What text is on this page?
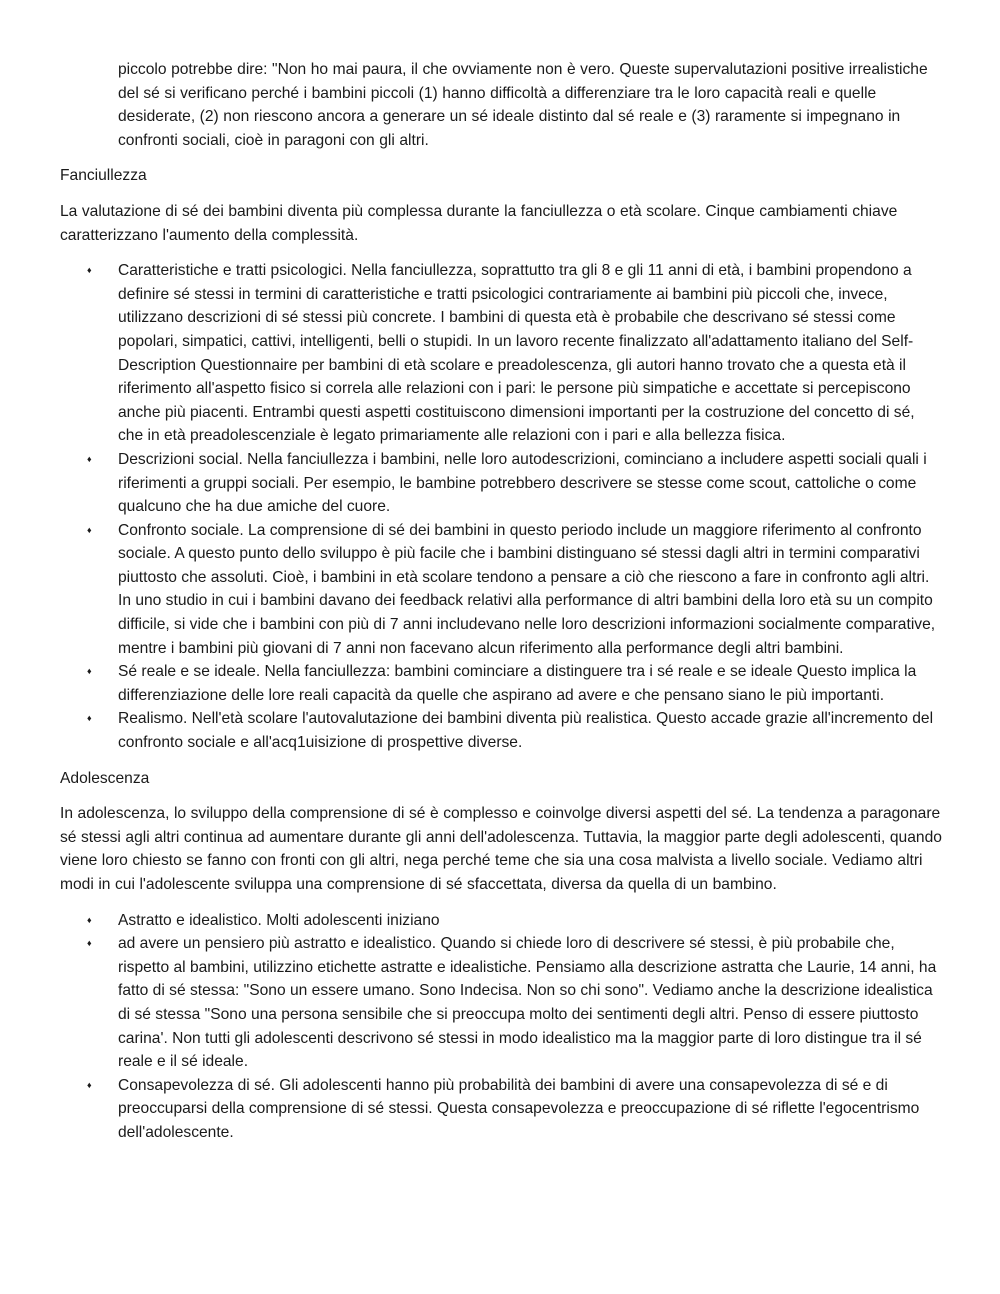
piccolo potrebbe dire: "Non ho mai paura, il che ovviamente non è vero. Queste supervalutazioni positive irrealistiche del sé si verificano perché i bambini piccoli (1) hanno difficoltà a differenziare tra le loro capacità reali e quelle desiderate, (2) non riescono ancora a generare un sé ideale distinto dal sé reale e (3) raramente si impegnano in confronti sociali, cioè in paragoni con gli altri.

Fanciullezza

La valutazione di sé dei bambini diventa più complessa durante la fanciullezza o età scolare. Cinque cambiamenti chiave caratterizzano l'aumento della complessità.

♦ Caratteristiche e tratti psicologici. Nella fanciullezza, soprattutto tra gli 8 e gli 11 anni di età, i bambini propendono a definire sé stessi in termini di caratteristiche e tratti psicologici contrariamente ai bambini più piccoli che, invece, utilizzano descrizioni di sé stessi più concrete. I bambini di questa età è probabile che descrivano sé stessi come popolari, simpatici, cattivi, intelligenti, belli o stupidi. In un lavoro recente finalizzato all'adattamento italiano del Self-Description Questionnaire per bambini di età scolare e preadolescenza, gli autori hanno trovato che a questa età il riferimento all'aspetto fisico si correla alle relazioni con i pari: le persone più simpatiche e accettate si percepiscono anche più piacenti. Entrambi questi aspetti costituiscono dimensioni importanti per la costruzione del concetto di sé, che in età preadolescenziale è legato primariamente alle relazioni con i pari e alla bellezza fisica.
♦ Descrizioni social. Nella fanciullezza i bambini, nelle loro autodescrizioni, cominciano a includere aspetti sociali quali i riferimenti a gruppi sociali. Per esempio, le bambine potrebbero descrivere se stesse come scout, cattoliche o come qualcuno che ha due amiche del cuore.
♦ Confronto sociale. La comprensione di sé dei bambini in questo periodo include un maggiore riferimento al confronto sociale. A questo punto dello sviluppo è più facile che i bambini distinguano sé stessi dagli altri in termini comparativi piuttosto che assoluti. Cioè, i bambini in età scolare tendono a pensare a ciò che riescono a fare in confronto agli altri. In uno studio in cui i bambini davano dei feedback relativi alla performance di altri bambini della loro età su un compito difficile, si vide che i bambini con più di 7 anni includevano nelle loro descrizioni informazioni socialmente comparative, mentre i bambini più giovani di 7 anni non facevano alcun riferimento alla performance degli altri bambini.
♦ Sé reale e se ideale. Nella fanciullezza: bambini cominciare a distinguere tra i sé reale e se ideale Questo implica la differenziazione delle lore reali capacità da quelle che aspirano ad avere e che pensano siano le più importanti.
♦ Realismo. Nell'età scolare l'autovalutazione dei bambini diventa più realistica. Questo accade grazie all'incremento del confronto sociale e all'acq1uisizione di prospettive diverse.

Adolescenza

In adolescenza, lo sviluppo della comprensione di sé è complesso e coinvolge diversi aspetti del sé. La tendenza a paragonare sé stessi agli altri continua ad aumentare durante gli anni dell'adolescenza. Tuttavia, la maggior parte degli adolescenti, quando viene loro chiesto se fanno con fronti con gli altri, nega perché teme che sia una cosa malvista a livello sociale. Vediamo altri modi in cui l'adolescente sviluppa una comprensione di sé sfaccettata, diversa da quella di un bambino.

♦ Astratto e idealistico. Molti adolescenti iniziano
♦ ad avere un pensiero più astratto e idealistico. Quando si chiede loro di descrivere sé stessi, è più probabile che, rispetto al bambini, utilizzino etichette astratte e idealistiche. Pensiamo alla descrizione astratta che Laurie, 14 anni, ha fatto di sé stessa: "Sono un essere umano. Sono Indecisa. Non so chi sono". Vediamo anche la descrizione idealistica di sé stessa "Sono una persona sensibile che si preoccupa molto dei sentimenti degli altri. Penso di essere piuttosto carina'. Non tutti gli adolescenti descrivono sé stessi in modo idealistico ma la maggior parte di loro distingue tra il sé reale e il sé ideale.
♦ Consapevolezza di sé. Gli adolescenti hanno più probabilità dei bambini di avere una consapevolezza di sé e di preoccuparsi della comprensione di sé stessi. Questa consapevolezza e preoccupazione di sé riflette l'egocentrismo dell'adolescente.
